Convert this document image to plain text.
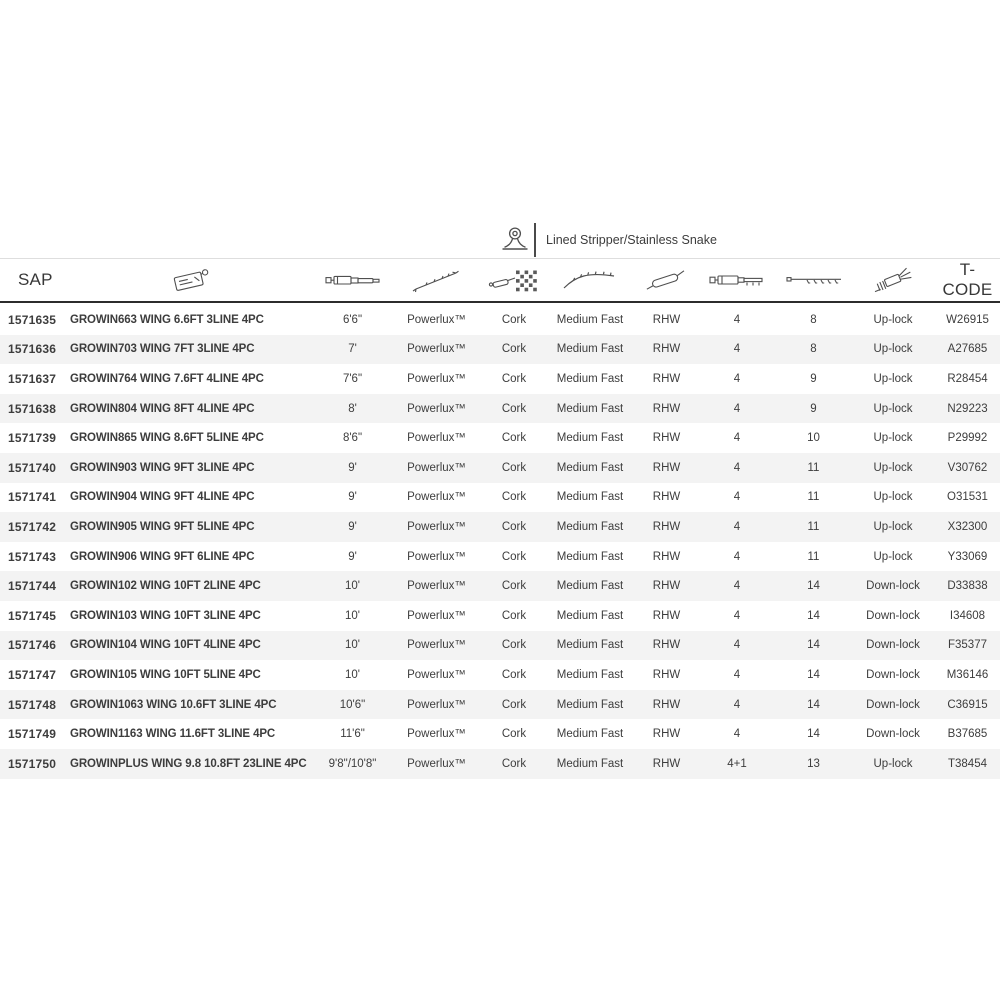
Lined Stripper/Stainless Snake
SAP
T-CODE
1571635	GROWIN663 WING 6.6FT 3LINE 4PC	6'6"	Powerlux™	Cork	Medium Fast	RHW	4	8	Up-lock	W26915
1571636	GROWIN703 WING 7FT 3LINE 4PC	7'	Powerlux™	Cork	Medium Fast	RHW	4	8	Up-lock	A27685
1571637	GROWIN764 WING 7.6FT 4LINE 4PC	7'6"	Powerlux™	Cork	Medium Fast	RHW	4	9	Up-lock	R28454
1571638	GROWIN804 WING 8FT 4LINE 4PC	8'	Powerlux™	Cork	Medium Fast	RHW	4	9	Up-lock	N29223
1571739	GROWIN865 WING 8.6FT 5LINE 4PC	8'6"	Powerlux™	Cork	Medium Fast	RHW	4	10	Up-lock	P29992
1571740	GROWIN903 WING 9FT 3LINE 4PC	9'	Powerlux™	Cork	Medium Fast	RHW	4	11	Up-lock	V30762
1571741	GROWIN904 WING 9FT 4LINE 4PC	9'	Powerlux™	Cork	Medium Fast	RHW	4	11	Up-lock	O31531
1571742	GROWIN905 WING 9FT 5LINE 4PC	9'	Powerlux™	Cork	Medium Fast	RHW	4	11	Up-lock	X32300
1571743	GROWIN906 WING 9FT 6LINE 4PC	9'	Powerlux™	Cork	Medium Fast	RHW	4	11	Up-lock	Y33069
1571744	GROWIN102 WING 10FT 2LINE 4PC	10'	Powerlux™	Cork	Medium Fast	RHW	4	14	Down-lock	D33838
1571745	GROWIN103 WING 10FT 3LINE 4PC	10'	Powerlux™	Cork	Medium Fast	RHW	4	14	Down-lock	I34608
1571746	GROWIN104 WING 10FT 4LINE 4PC	10'	Powerlux™	Cork	Medium Fast	RHW	4	14	Down-lock	F35377
1571747	GROWIN105 WING 10FT 5LINE 4PC	10'	Powerlux™	Cork	Medium Fast	RHW	4	14	Down-lock	M36146
1571748	GROWIN1063 WING 10.6FT 3LINE 4PC	10'6"	Powerlux™	Cork	Medium Fast	RHW	4	14	Down-lock	C36915
1571749	GROWIN1163 WING 11.6FT 3LINE 4PC	11'6"	Powerlux™	Cork	Medium Fast	RHW	4	14	Down-lock	B37685
1571750	GROWINPLUS WING 9.8 10.8FT 23LINE 4PC	9'8"/10'8"	Powerlux™	Cork	Medium Fast	RHW	4+1	13	Up-lock	T38454
